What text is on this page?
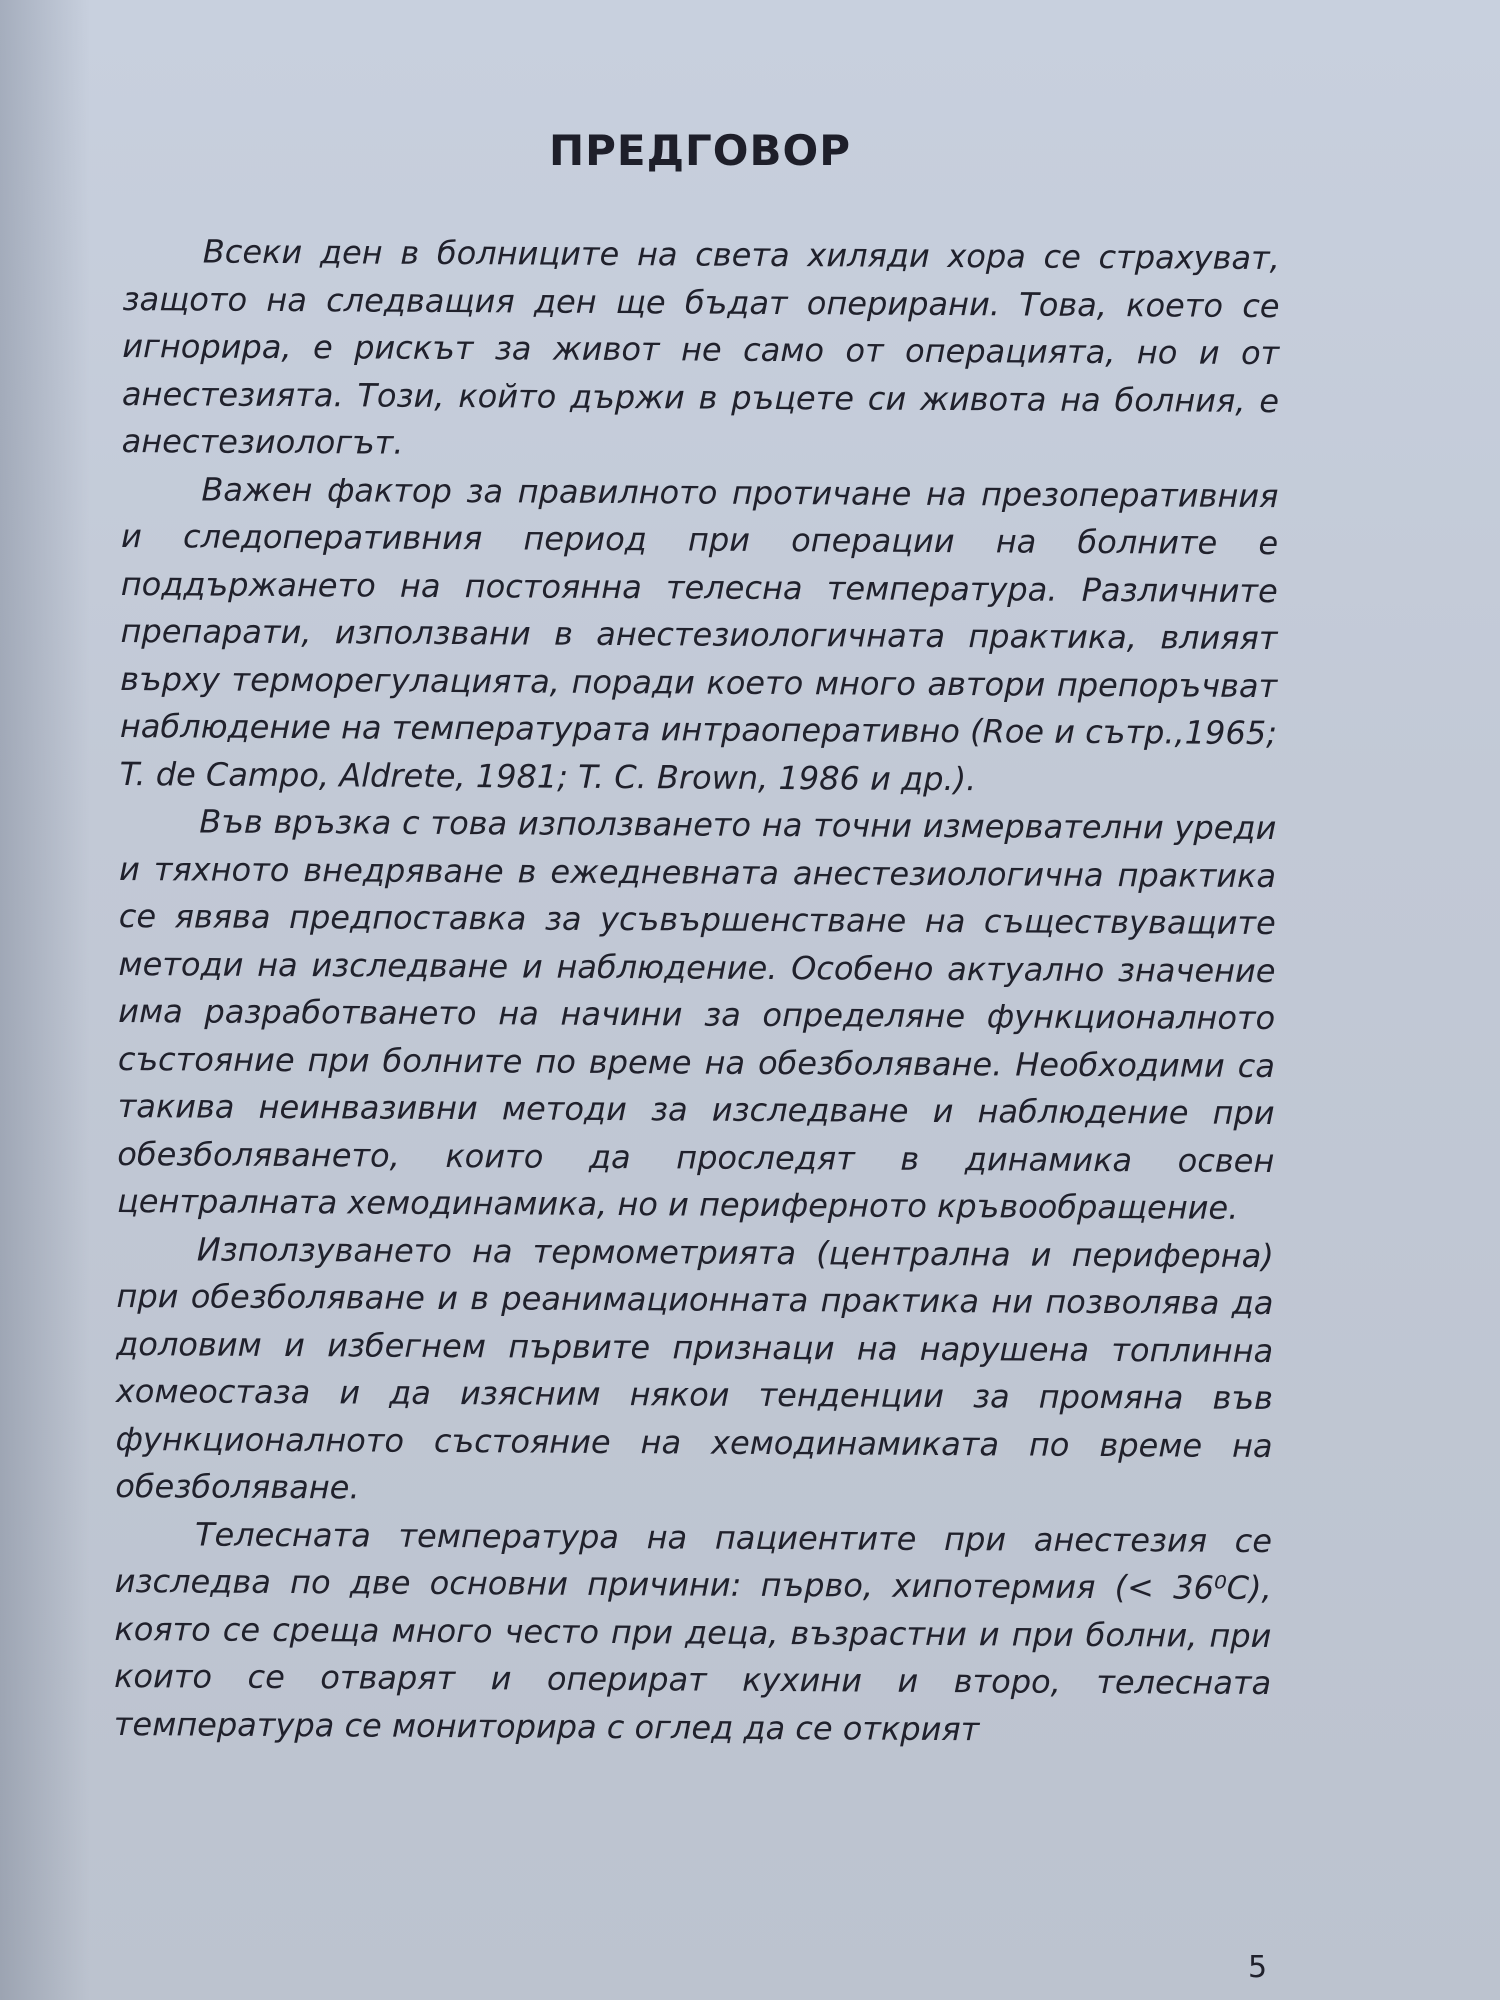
ПРЕДГОВОР

Всеки ден в болниците на света хиляди хора се страхуват, защото на следващия ден ще бъдат оперирани. Това, което се игнорира, е рискът за живот не само от операцията, но и от анестезията. Този, който държи в ръцете си живота на болния, е анестезиологът.

Важен фактор за правилното протичане на презоперативния и следоперативния период при операции на болните е поддържането на постоянна телесна температура. Различните препарати, използвани в анестезиологичната практика, влияят върху терморегулацията, поради което много автори препоръчват наблюдение на температурата интраоперативно (Roe и сътр.,1965; T. de Campo, Aldrete, 1981; T. C. Brown, 1986 и др.).

Във връзка с това използването на точни измервателни уреди и тяхното внедряване в ежедневната анестезиологична практика се явява предпоставка за усъвършенстване на съществуващите методи на изследване и наблюдение. Особено актуално значение има разработването на начини за определяне функционалното състояние при болните по време на обезболяване. Необходими са такива неинвазивни методи за изследване и наблюдение при обезболяването, които да проследят в динамика освен централната хемодинамика, но и периферното кръвообращение.

Използуването на термометрията (централна и периферна) при обезболяване и в реанимационната практика ни позволява да доловим и избегнем първите признаци на нарушена топлинна хомеостаза и да изясним някои тенденции за промяна във функционалното състояние на хемодинамиката по време на обезболяване.

Телесната температура на пациентите при анестезия се изследва по две основни причини: първо, хипотермия (< 36⁰С), която се среща много често при деца, възрастни и при болни, при които се отварят и оперират кухини и второ, телесната температура се мониторира с оглед да се открият

5
